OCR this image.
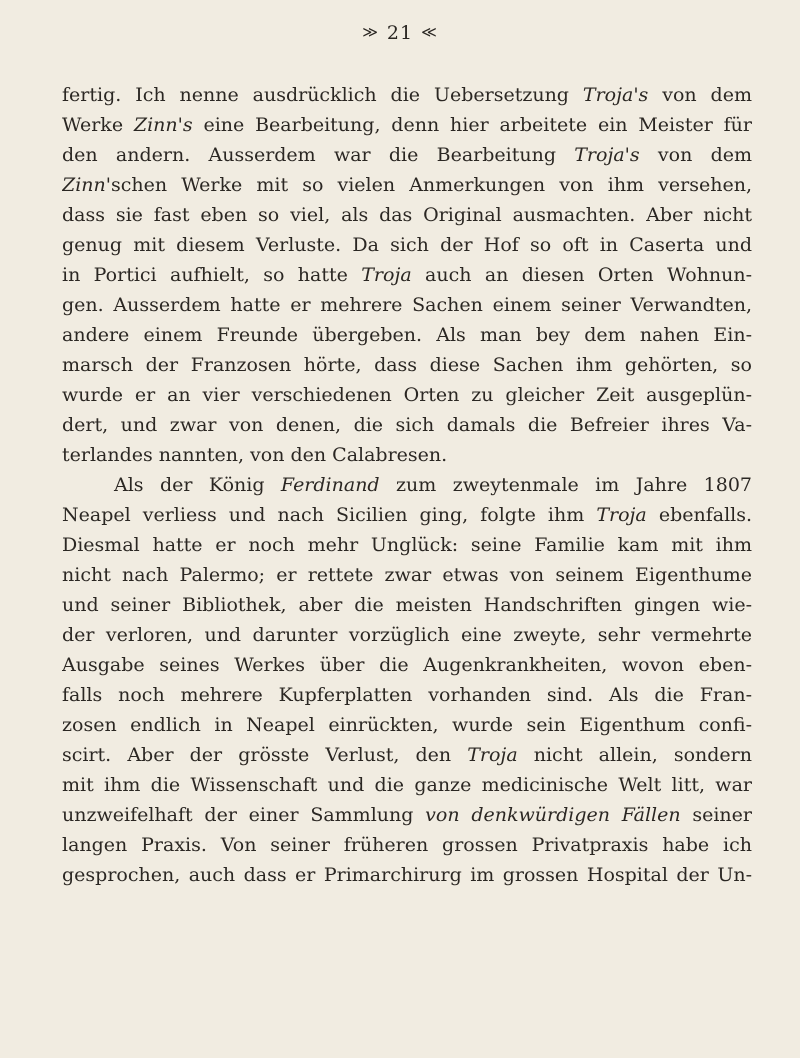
≫ 21 ≪
fertig. Ich nenne ausdrücklich die Uebersetzung Troja's von dem
Werke Zinn's eine Bearbeitung, denn hier arbeitete ein Meister für
den andern. Ausserdem war die Bearbeitung Troja's von dem
Zinn'schen Werke mit so vielen Anmerkungen von ihm versehen,
dass sie fast eben so viel, als das Original ausmachten. Aber nicht
genug mit diesem Verluste. Da sich der Hof so oft in Caserta und
in Portici aufhielt, so hatte Troja auch an diesen Orten Wohnun-
gen. Ausserdem hatte er mehrere Sachen einem seiner Verwandten,
andere einem Freunde übergeben. Als man bey dem nahen Ein-
marsch der Franzosen hörte, dass diese Sachen ihm gehörten, so
wurde er an vier verschiedenen Orten zu gleicher Zeit ausgeplün-
dert, und zwar von denen, die sich damals die Befreier ihres Va-
terlandes nannten, von den Calabresen.
Als der König Ferdinand zum zweytenmale im Jahre 1807
Neapel verliess und nach Sicilien ging, folgte ihm Troja ebenfalls.
Diesmal hatte er noch mehr Unglück: seine Familie kam mit ihm
nicht nach Palermo; er rettete zwar etwas von seinem Eigenthume
und seiner Bibliothek, aber die meisten Handschriften gingen wie-
der verloren, und darunter vorzüglich eine zweyte, sehr vermehrte
Ausgabe seines Werkes über die Augenkrankheiten, wovon eben-
falls noch mehrere Kupferplatten vorhanden sind. Als die Fran-
zosen endlich in Neapel einrückten, wurde sein Eigenthum confi-
scirt. Aber der grösste Verlust, den Troja nicht allein, sondern
mit ihm die Wissenschaft und die ganze medicinische Welt litt, war
unzweifelhaft der einer Sammlung von denkwürdigen Fällen seiner
langen Praxis. Von seiner früheren grossen Privatpraxis habe ich
gesprochen, auch dass er Primarchirurg im grossen Hospital der Un-
